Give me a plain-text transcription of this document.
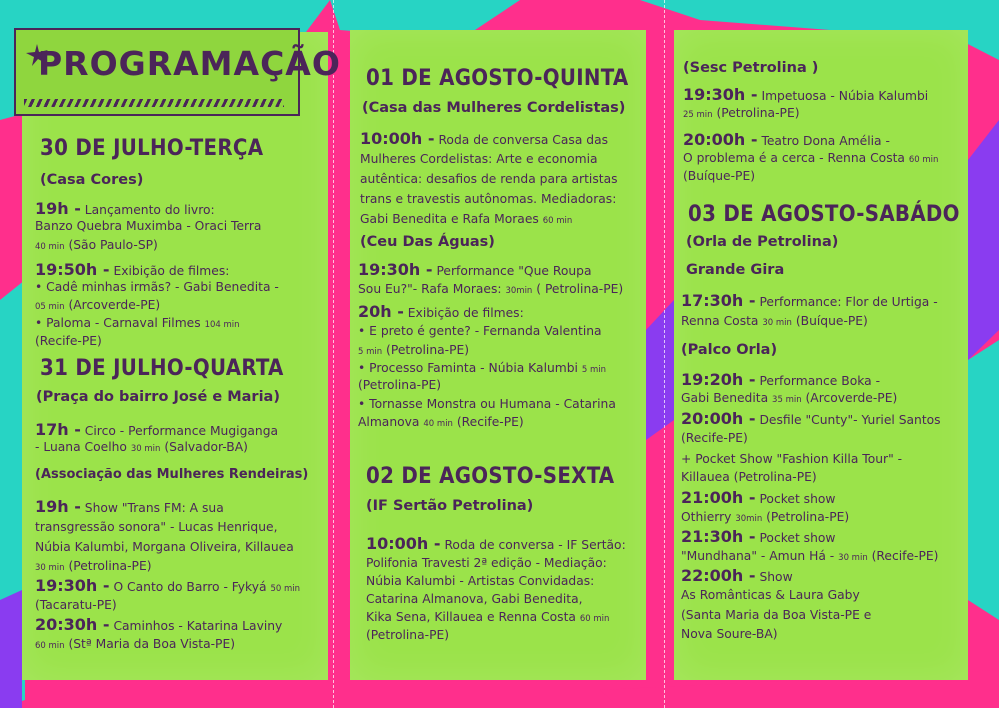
PROGRAMAÇÃO
30 DE JULHO-TERÇA
(Casa Cores)
19h - Lançamento do livro:
Banzo Quebra Muximba - Oraci Terra
40 min (São Paulo-SP)
19:50h - Exibição de filmes:
• Cadê minhas irmãs? - Gabi Benedita -
05 min (Arcoverde-PE)
• Paloma - Carnaval Filmes 104 min
(Recife-PE)
31 DE JULHO-QUARTA
(Praça do bairro José e Maria)
17h - Circo - Performance Mugiganga
- Luana Coelho 30 min (Salvador-BA)
(Associação das Mulheres Rendeiras)
19h - Show "Trans FM: A sua
transgressão sonora" - Lucas Henrique,
Núbia Kalumbi, Morgana Oliveira, Killauea
30 min (Petrolina-PE)
19:30h - O Canto do Barro - Fykyá 50 min
(Tacaratu-PE)
20:30h - Caminhos - Katarina Laviny
60 min (Stª Maria da Boa Vista-PE)
01 DE AGOSTO-QUINTA
(Casa das Mulheres Cordelistas)
10:00h - Roda de conversa Casa das
Mulheres Cordelistas: Arte e economia
autêntica: desafios de renda para artistas
trans e travestis autônomas. Mediadoras:
Gabi Benedita e Rafa Moraes 60 min
(Ceu Das Águas)
19:30h - Performance "Que Roupa
Sou Eu?"- Rafa Moraes: 30min ( Petrolina-PE)
20h - Exibição de filmes:
• E preto é gente? - Fernanda Valentina
5 min (Petrolina-PE)
• Processo Faminta - Núbia Kalumbi 5 min
(Petrolina-PE)
• Tornasse Monstra ou Humana - Catarina
Almanova 40 min (Recife-PE)
02 DE AGOSTO-SEXTA
(IF Sertão Petrolina)
10:00h - Roda de conversa - IF Sertão:
Polifonia Travesti 2ª edição - Mediação:
Núbia Kalumbi - Artistas Convidadas:
Catarina Almanova, Gabi Benedita,
Kika Sena, Killauea e Renna Costa 60 min
(Petrolina-PE)
(Sesc Petrolina )
19:30h - Impetuosa - Núbia Kalumbi
25 min (Petrolina-PE)
20:00h - Teatro Dona Amélia -
O problema é a cerca - Renna Costa 60 min
(Buíque-PE)
03 DE AGOSTO-SABÁDO
(Orla de Petrolina)
Grande Gira
17:30h - Performance: Flor de Urtiga -
Renna Costa 30 min (Buíque-PE)
(Palco Orla)
19:20h - Performance Boka -
Gabi Benedita 35 min (Arcoverde-PE)
20:00h - Desfile "Cunty"- Yuriel Santos
(Recife-PE)
+ Pocket Show "Fashion Killa Tour" -
Killauea (Petrolina-PE)
21:00h - Pocket show
Othierry 30min (Petrolina-PE)
21:30h - Pocket show
"Mundhana" - Amun Há - 30 min (Recife-PE)
22:00h - Show
As Românticas & Laura Gaby
(Santa Maria da Boa Vista-PE e
Nova Soure-BA)
